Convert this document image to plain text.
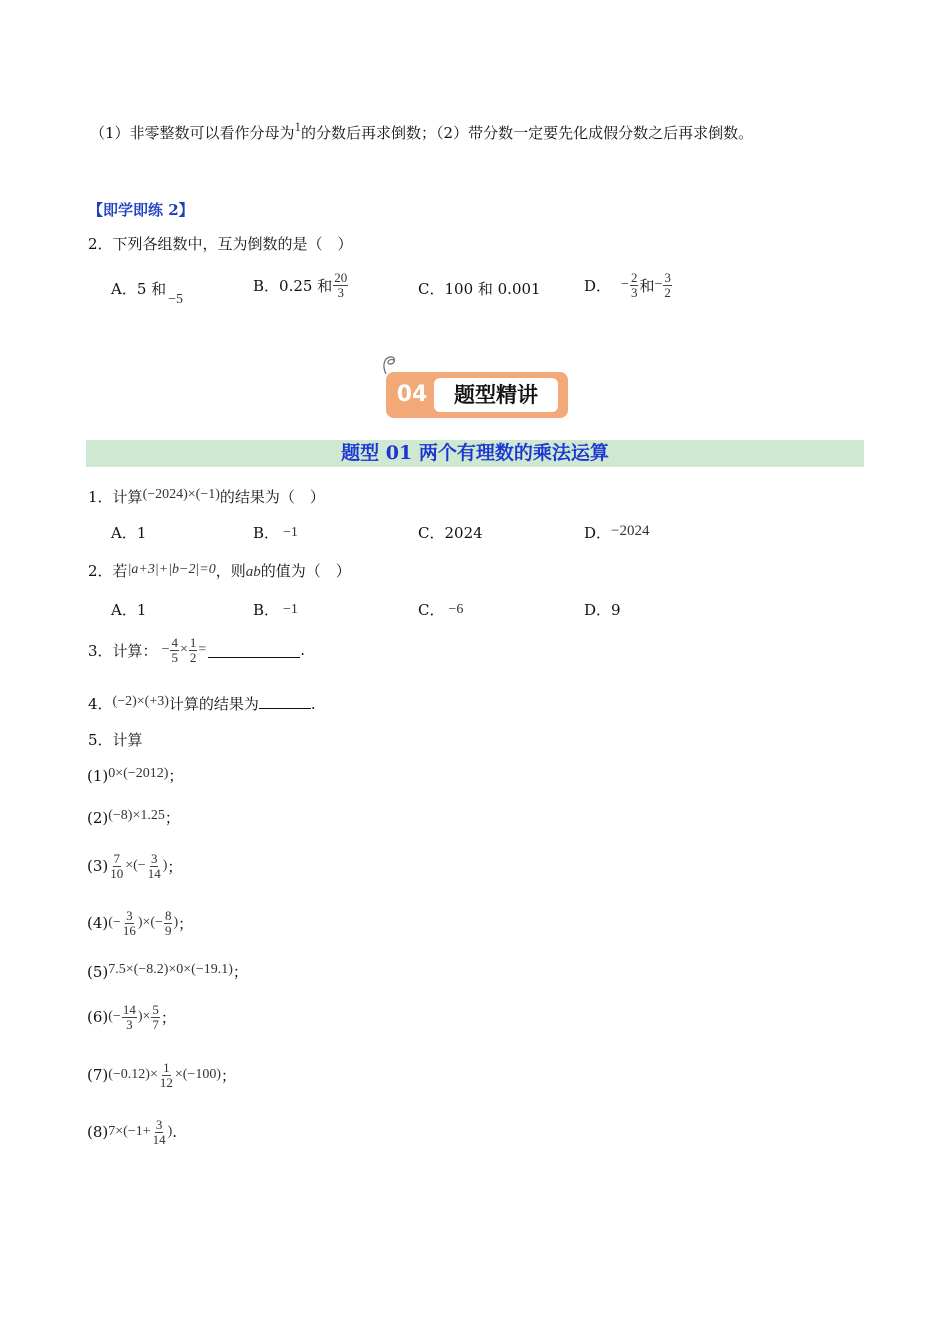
（1）非零整数可以看作分母为1的分数后再求倒数；（2）带分数一定要先化成假分数之后再求倒数。
【即学即练 2】
2．下列各组数中，互为倒数的是（　）
A．5 和−5
B．0.25 和 $\frac{20}{3}$	C．100 和 0.001	D． − $\frac{2}{3}$ 和 − $\frac{3}{2}$
04	题型精讲
题型 01 两个有理数的乘法运算
1．计算(−2024)×(−1)的结果为（　）
A．1	B． −1	C．2024	D．−2024
2．若|a+3|+|b−2|=0，则ab的值为（　）
A．1	B． −1	C． −6	D．9
3． 计算： − $\frac{4}{5} \times \frac{1}{2}$ =	.
4．(−2)×(+3)计算的结果为	.
5．计算
(1)0×(−2012)；
(2)(−8)×1.25；
$(3) \frac{7}{10}$ ×(− $\frac{3}{14}$ ) ；
(4) (− $\frac{3}{16}$ )×(− $\frac{8}{9}$ ) ；
(5)7.5×(−8.2)×0×(−19.1)；
(6) (− $\frac{14}{3}$ )× $\frac{5}{7}$ ；
(7) $(-0.12)\times \frac{1}{12} \times(-100)$ ；
(8) $7\times(-1+ \frac{3}{14}$ ) .
